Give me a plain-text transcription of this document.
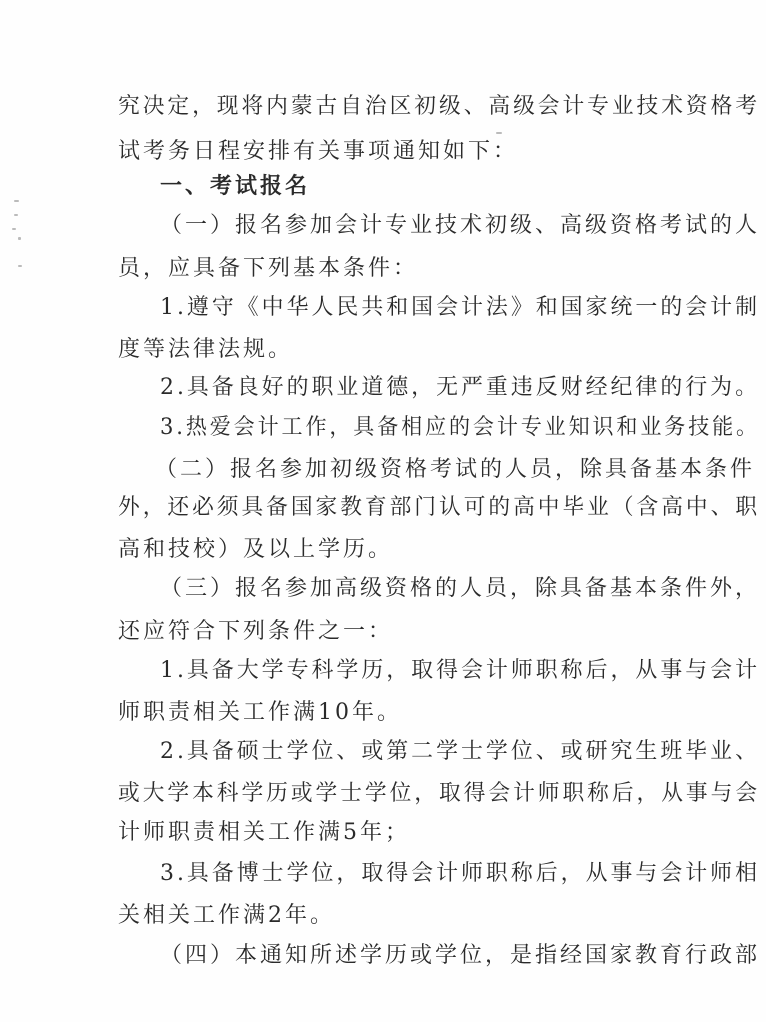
究决定，现将内蒙古自治区初级、高级会计专业技术资格考
试考务日程安排有关事项通知如下：
一、考试报名
（一）报名参加会计专业技术初级、高级资格考试的人
员，应具备下列基本条件：
1.遵守《中华人民共和国会计法》和国家统一的会计制
度等法律法规。
2.具备良好的职业道德，无严重违反财经纪律的行为。
3.热爱会计工作，具备相应的会计专业知识和业务技能。
（二）报名参加初级资格考试的人员，除具备基本条件
外，还必须具备国家教育部门认可的高中毕业（含高中、职
高和技校）及以上学历。
（三）报名参加高级资格的人员，除具备基本条件外，
还应符合下列条件之一：
1.具备大学专科学历，取得会计师职称后，从事与会计
师职责相关工作满10年。
2.具备硕士学位、或第二学士学位、或研究生班毕业、
或大学本科学历或学士学位，取得会计师职称后，从事与会
计师职责相关工作满5年；
3.具备博士学位，取得会计师职称后，从事与会计师相
关相关工作满2年。
（四）本通知所述学历或学位，是指经国家教育行政部
